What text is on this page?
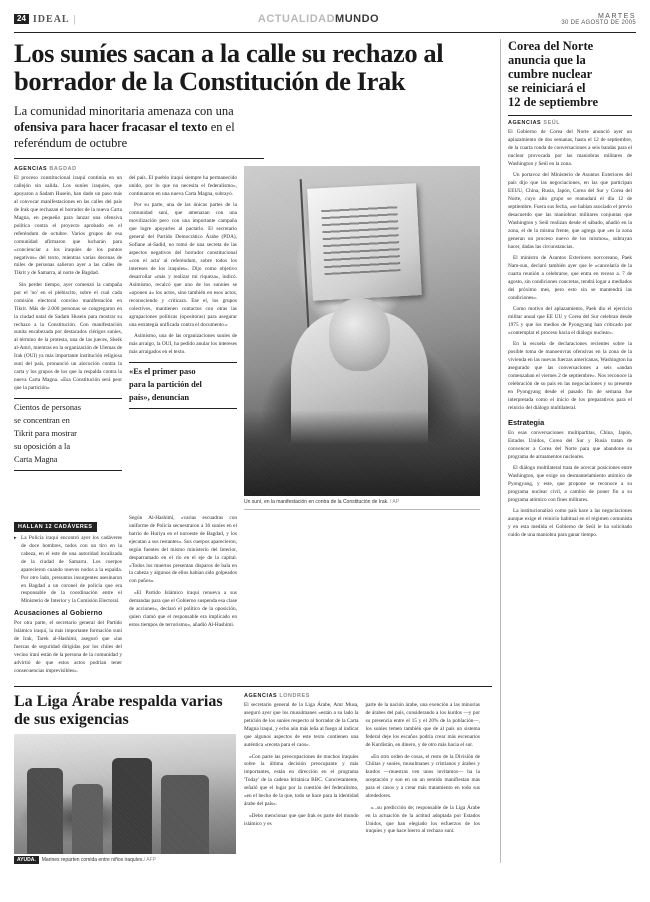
24 IDEAL |	ACTUALIDADMUNDO	MARTES
30 DE AGOSTO DE 2005
Los suníes sacan a la calle su rechazo al borrador de la Constitución de Irak

La comunidad minoritaria amenaza con una ofensiva para hacer fracasar el texto en el referéndum de octubre

AGENCIAS BAGDAD

El proceso constitucional iraquí continúa en un callejón sin salida. Los suníes iraquíes, que apoyaron a Sadam Husein, han dado un paso más al convocar manifestaciones en las calles del país de Irak que rechazan el borrador de la nueva Carta Magna, en pequeño para lanzar una ofensiva política contra el proyecto aprobado en el referéndum de octubre. Varios grupos de esa comunidad afirmaron que lucharán para «concienciar a los iraquíes de los puntos negativos» del texto, mientras varias decenas de miles de personas salieron ayer a las calles de Tikrit y de Samarra, al norte de Bagdad.

Sin perder tiempo, ayer comenzó la campaña por el 'no' en el plebiscito, sobre el cual cada comisión electoral convino manifestación en Tikrit. Más de 2.000 personas se congregaron en la ciudad natal de Sadam Husein para mostrar su rechazo a la Constitución. Con manifestación sunita encabezada por destacados clérigos suníes, al término de la protesta, una de las jueces, Sheik al-Amri, mientras en la organización de Ulemas de Irak (OUI) ya más importante institución religiosa suní del país, pronunció un alocución contra la carta y los grupos de los que la respalda contra la nueva Carta Magna. «Esa Constitución será peor que la partición»

Cientos de personas

se concentran en

Tikrit para mostrar

su oposición a la

Carta Magna

del país. El pueblo iraquí siempre ha permanecido unido, por lo que no necesita el federalismo», continuaron en una nueva Carta Magna, subrayó.

Por su parte, una de las únicas partes de la comunidad suní, que amenazan con una movilización pero con una importante campaña que logre apoyarles al pactarlo. El secretario general del Partido Democrático Árabe (PDA), Sofiane al-Sadid, no tomó de una secreta de las aspectos negativos del borrador constitucional «con el acta' al referéndum, sobre todos los intereses de los iraquíes». Dijo como objetivo desarrollar «más y realizar mi riqueza», indicó. Asimismo, recalcó que uno de los sunníes se «oponen a» los actos, sino también en esos actos, reconociendo y criticara. Ese el, los grupos colectivos, mantienen contactos con otras las agrupaciones políticas (opositoras) para asegurar una estrategia unificada contra el documento.»

Asimismo, una de las organizaciones suníes de más arraigo, la OUI, ha pedido anular los intereses más arraigados en el texto.

«Es el primer paso

para la partición del

país», denuncian

Un suní, en la manifestación en contra de la Constitución de Irak. / AP
HALLAN 12 CADÁVERES

▸ La Policía iraquí encontró ayer los cadáveres de doce hombres, todos con un tiro en la cabeza, en el este de una autoridad localizada de la ciudad de Samarra. Los cuerpos aparecieron cuando nuevos nodos a la espalda. Por otro lado, presuntos insurgentes asesinaron en Bagdad a un coronel de policía que era responsable de la coordinación entre el Ministerio de Interior y la Comisión Electoral.

Acusaciones al Gobierno

Por otra parte, el secretario general del Partido Islámico iraquí, la más importante formación suní de Irak, Tarek al-Hashimi, aseguró que «las fuerzas de seguridad dirigidas por los chiíes del vecino iraní están de la persona de la comunidad y advirtió de que estos actos podrían tener consecuencias imprevisibles».

Según Al-Hashimi, «varias escuadras con uniforme de Policía secuestraron a 36 suníes en el barrio de Huriya en el noroeste de Bagdad, y los ejecutan a sus restantes». Sus cuerpos aparecieron, según fuentes del mismo ministerio del Interior, desparramado en el río en el eje de la capital. «Todos los muertos presentan disparos de bala en la cabeza y algunos de ellos habían sido golpeados con puños».

«El Partido Islámico iraquí renueva a sus demandas para que el Gobierno suspenda esa clase de acciones», declaró el político de la oposición, quien clamó que el responsable era implicado en estos tiempos de terrorismo», añadió Al-Hashimi.

La Liga Árabe respalda varias de sus exigencias
AYUDA. Marines reparten comida entre niños iraquíes./ AFP
AGENCIAS LONDRES

El secretario general de la Liga Árabe, Amr Musa, aseguró ayer que los musulmanes «están a su lado la petición de los suníes respecto al borrador de la Carta Magna iraquí, y echo aún más leña al fuego al indicar que algunos aspectos de este texto contienen una auténtica «receta para el caos».

«Con parte las preocupaciones de muchos iraquíes sobre la última decisión preocupante y más importantes, están en dirección en el programa 'Today' de la cadena británica BBC. Concretamente, señaló que el lugar por la cuestión del federalismo, «en el hecho de la que, todo se hace para la identidad árabe del país».

«Debo mencionar que que Irak es parte del mundo islámico y es

parte de la nación árabe, una exención a las minorías de árabes del país, considerando a los kurdos —y por su presencia entre el 15 y el 20% de la población—, los suníes temen también que de al país un sistema federal deje los escaños podría crear más escenarios de Kurdistán, en dinero, y de otro más hacia el sur.

«En otro orden de cosas, el resto de la División de Chiítas y suníes, musulmanes y cristianos y árabes y kurdos —muestras ven unos invitamos— ha la aceptación y son en un un sentido manifiestan más para el casos y a crear más tratamiento en todo sus alrededores.

«...su predicción de; responsable de la Liga Árabe en la actuación de la actitud adoptada por Estados Unidos, que han elegiado los esfuerzos de los iraquíes y que hace hierro al rechazo suní.

Corea del Norte
anuncia que la
cumbre nuclear
se reiniciará el
12 de septiembre
AGENCIAS SEÚL

El Gobierno de Corea del Norte anunció ayer un aplazamiento de dos semanas, hasta el 12 de septiembre, de la cuarta ronda de conversaciones a seis bandas para el nuclear provocada por las maniobras militares de Washington y Seúl en la zona.

Un portavoz del Ministerio de Asuntos Exteriores del país dijo que las negociaciones, en las que participan EEUU, China, Rusia, Japón, Corea del Sur y Corea del Norte, cuyo alto grupo se reanudará el día 12 de septiembre. Fuera sus fecha, «se habían asociado el previo desacuerdo que las maniobras militares conjuntas que Washington y Seúl realizan desde el sábado, añadió en la zona, el de la misma frente, que agrega que «es la zona generan un proceso nuevo de los mismos», subrayan hacer, dadas las circunstancias.

El ministro de Asuntos Exteriores norcoreano, Paek Nam-sun, declaró también ayer que le «cancelaría de la cuarta reunión a celebrarse, que entra en receso a. 7 de agosto, sin condiciones concretas, tendrá logar a mediados del próximo mes, pero esto sin se mantendrá las condiciones».

Como motivo del aplazamiento, Paek dio el ejercicio militar anual que EE UU y Corea del Sur celebran desde 1975 y que los medios de Pyongyang han criticado por «contemplar el proceso hacia el diálogo nuclear».

En la escuela de declaraciones recientes sobre la posible toma de manoeuvras ofensivas en la zona de la vivienda en las nuevas fuerzas americanas, Washington ha asegurado que las conversaciones a seis «andan comenzaban el viernes 2 de septiembre». Nos reconoce la celebración de su país en las negociaciones y su presente en Pyongyang desde el pasado fin de semana fue interpretada como el inicio de los preparativos para el reinicio del diálogo multilateral.

Estrategia

En esas conversaciones multipartitas, China, Japón, Estados Unidos, Corea del Sur y Rusia tratan de convencer a Corea del Norte para que abandone su programa de armamentos nucleares.

El diálogo multilateral trata de acercar posiciones entre Washington, que exige un desmantelamiento atómico de Pyongyang, y este, que propone se reconoce a su programa nuclear civil, a cambio de poner fin a su programa atómico con fines militares.

La institucionalizó como país hace a las negociaciones aunque exige el reinicio habitual en el régimen comunista y en esta medida el Gobierno de Seúl le ha solicitado cuido de una maniobra para ganar tiempo.
